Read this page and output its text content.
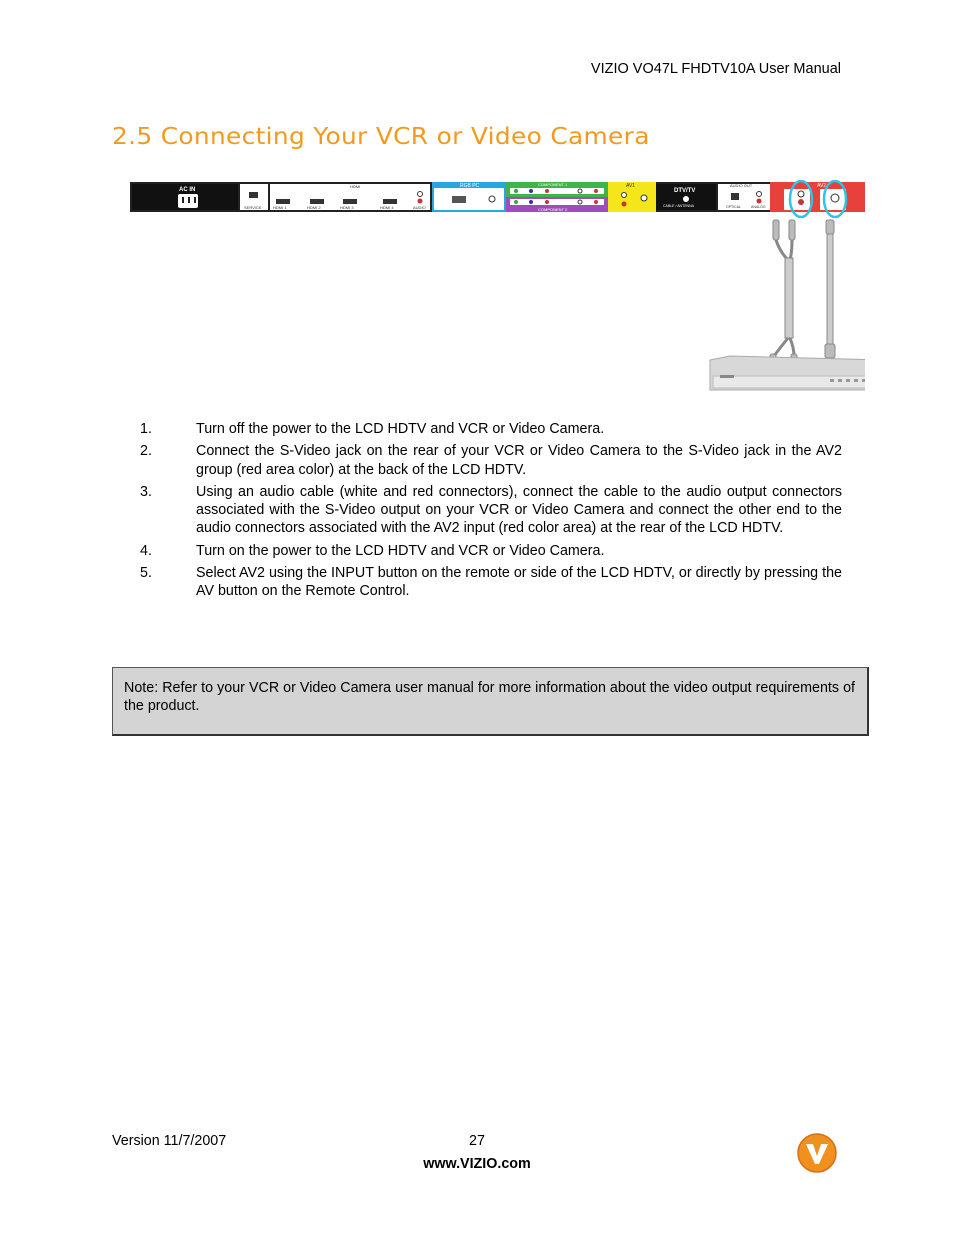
VIZIO VO47L FHDTV10A User Manual
2.5 Connecting Your VCR or Video Camera
AC IN
SERVICE
HDMI
HDMI 1	HDMI 2	HDMI 3	HDMI 4	AUDIO
RGB PC	COMPONENT 1
COMPONENT 2
AV1
DTV/TV
CABLE / ANTENNA
AUDIO OUT
OPTICAL	ANALOG
AV2
1.	Turn off the power to the LCD HDTV and VCR or Video Camera.
2.	Connect the S-Video jack on the rear of your VCR or Video Camera to the S-Video jack in the AV2 group (red area color) at the back of the LCD HDTV.
3.	Using an audio cable (white and red connectors), connect the cable to the audio output connectors associated with the S-Video output on your VCR or Video Camera and connect the other end to the audio connectors associated with the AV2 input (red color area) at the rear of the LCD HDTV.
4.	Turn on the power to the LCD HDTV and VCR or Video Camera.
5.	Select AV2 using the INPUT button on the remote or side of the LCD HDTV, or directly by pressing the AV button on the Remote Control.
Note: Refer to your VCR or Video Camera user manual for more information about the video output requirements of the product.
Version 11/7/2007	27
www.VIZIO.com
